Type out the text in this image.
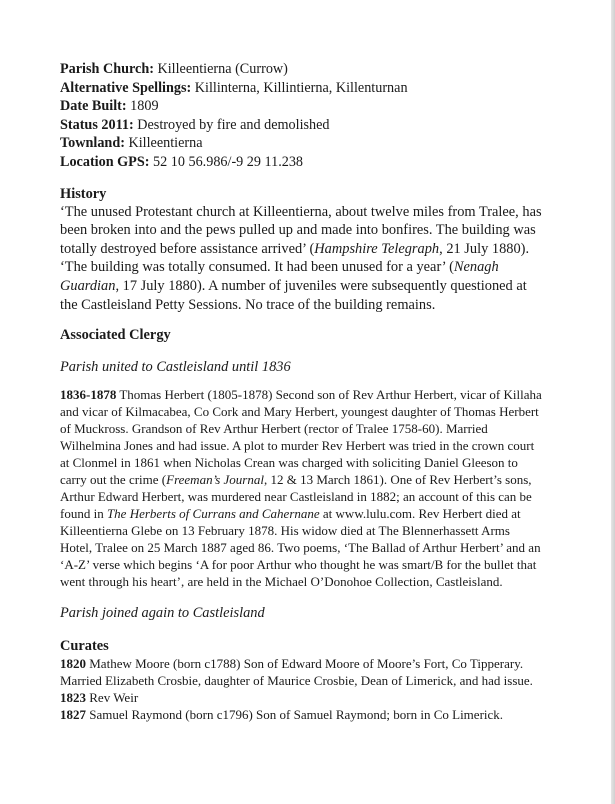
Parish Church: Killeentierna (Currow)
Alternative Spellings: Killinterna, Killintierna, Killenturnan
Date Built: 1809
Status 2011: Destroyed by fire and demolished
Townland: Killeentierna
Location GPS: 52 10 56.986/-9 29 11.238
History

‘The unused Protestant church at Killeentierna, about twelve miles from Tralee, has been broken into and the pews pulled up and made into bonfires. The building was totally destroyed before assistance arrived’ (Hampshire Telegraph, 21 July 1880). ‘The building was totally consumed. It had been unused for a year’ (Nenagh Guardian, 17 July 1880). A number of juveniles were subsequently questioned at the Castleisland Petty Sessions. No trace of the building remains.

Associated Clergy

Parish united to Castleisland until 1836

1836-1878 Thomas Herbert (1805-1878) Second son of Rev Arthur Herbert, vicar of Killaha and vicar of Kilmacabea, Co Cork and Mary Herbert, youngest daughter of Thomas Herbert of Muckross. Grandson of Rev Arthur Herbert (rector of Tralee 1758-60). Married Wilhelmina Jones and had issue. A plot to murder Rev Herbert was tried in the crown court at Clonmel in 1861 when Nicholas Crean was charged with soliciting Daniel Gleeson to carry out the crime (Freeman’s Journal, 12 & 13 March 1861). One of Rev Herbert’s sons, Arthur Edward Herbert, was murdered near Castleisland in 1882; an account of this can be found in The Herberts of Currans and Cahernane at www.lulu.com. Rev Herbert died at Killeentierna Glebe on 13 February 1878. His widow died at The Blennerhassett Arms Hotel, Tralee on 25 March 1887 aged 86. Two poems, ‘The Ballad of Arthur Herbert’ and an ‘A-Z’ verse which begins ‘A for poor Arthur who thought he was smart/B for the bullet that went through his heart’, are held in the Michael O’Donohoe Collection, Castleisland.

Parish joined again to Castleisland

Curates

1820 Mathew Moore (born c1788) Son of Edward Moore of Moore’s Fort, Co Tipperary. Married Elizabeth Crosbie, daughter of Maurice Crosbie, Dean of Limerick, and had issue.

1823 Rev Weir

1827 Samuel Raymond (born c1796) Son of Samuel Raymond; born in Co Limerick.
